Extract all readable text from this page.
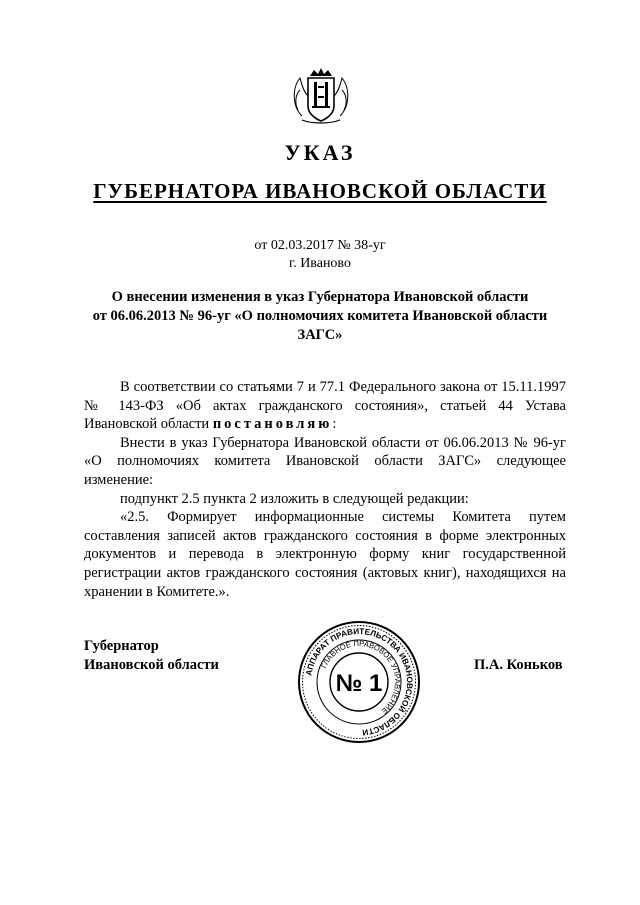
УКАЗ
ГУБЕРНАТОРА ИВАНОВСКОЙ ОБЛАСТИ
от 02.03.2017 № 38-уг
г. Иваново
О внесении изменения в указ Губернатора Ивановской области
от 06.06.2013 № 96-уг «О полномочиях комитета Ивановской области
ЗАГС»

В соответствии со статьями 7 и 77.1 Федерального закона от 15.11.1997 № 143-ФЗ «Об актах гражданского состояния», статьей 44 Устава Ивановской области постановляю:

Внести в указ Губернатора Ивановской области от 06.06.2013 № 96-уг «О полномочиях комитета Ивановской области ЗАГС» следующее изменение:

подпункт 2.5 пункта 2 изложить в следующей редакции:

«2.5. Формирует информационные системы Комитета путем составления записей актов гражданского состояния в форме электронных документов и перевода в электронную форму книг государственной регистрации актов гражданского состояния (актовых книг), находящихся на хранении в Комитете.».

Губернатор
Ивановской области	П.А. Коньков
АППАРАТ ПРАВИТЕЛЬСТВА ИВАНОВСКОЙ ОБЛАСТИ
ГЛАВНОЕ ПРАВОВОЕ УПРАВЛЕНИЕ
№ 1
